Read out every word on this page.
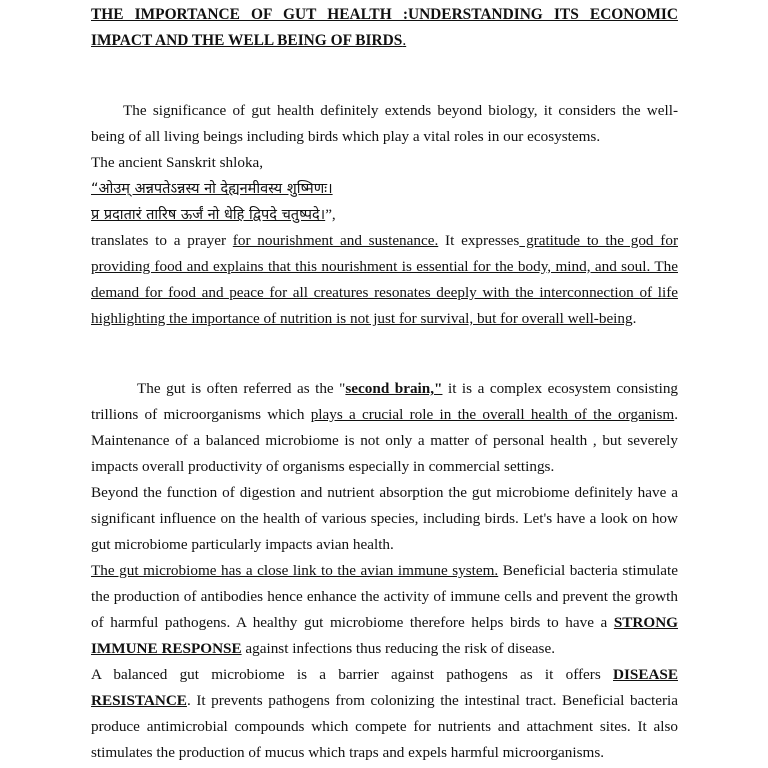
THE IMPORTANCE OF GUT HEALTH :UNDERSTANDING ITS ECONOMIC IMPACT AND THE WELL BEING OF BIRDS.

The significance of gut health definitely extends beyond biology, it considers the well-being of all living beings including birds which play a vital roles in our ecosystems.

The ancient Sanskrit shloka,

“ओउम् अन्नपतेऽन्नस्य नो देह्यनमीवस्य शुष्मिणः।

प्र प्रदातारं तारिष ऊर्जं नो धेहि द्विपदे चतुष्पदे।”,

translates to a prayer for nourishment and sustenance. It expresses gratitude to the god for providing food and explains that this nourishment is essential for the body, mind, and soul. The demand for food and peace for all creatures resonates deeply with the interconnection of life highlighting the importance of nutrition is not just for survival, but for overall well-being.

The gut is often referred as the "second brain," it is a complex ecosystem consisting trillions of microorganisms which plays a crucial role in the overall health of the organism. Maintenance of a balanced microbiome is not only a matter of personal health , but severely impacts overall productivity of organisms especially in commercial settings.

Beyond the function of digestion and nutrient absorption the gut microbiome definitely have a significant influence on the health of various species, including birds. Let's have a look on how gut microbiome particularly impacts avian health.

The gut microbiome has a close link to the avian immune system. Beneficial bacteria stimulate the production of antibodies hence enhance the activity of immune cells and prevent the growth of harmful pathogens. A healthy gut microbiome therefore helps birds to have a STRONG IMMUNE RESPONSE against infections thus reducing the risk of disease.

A balanced gut microbiome is a barrier against pathogens as it offers DISEASE RESISTANCE. It prevents pathogens from colonizing the intestinal tract. Beneficial bacteria produce antimicrobial compounds which compete for nutrients and attachment sites. It also stimulates the production of mucus which traps and expels harmful microorganisms.
